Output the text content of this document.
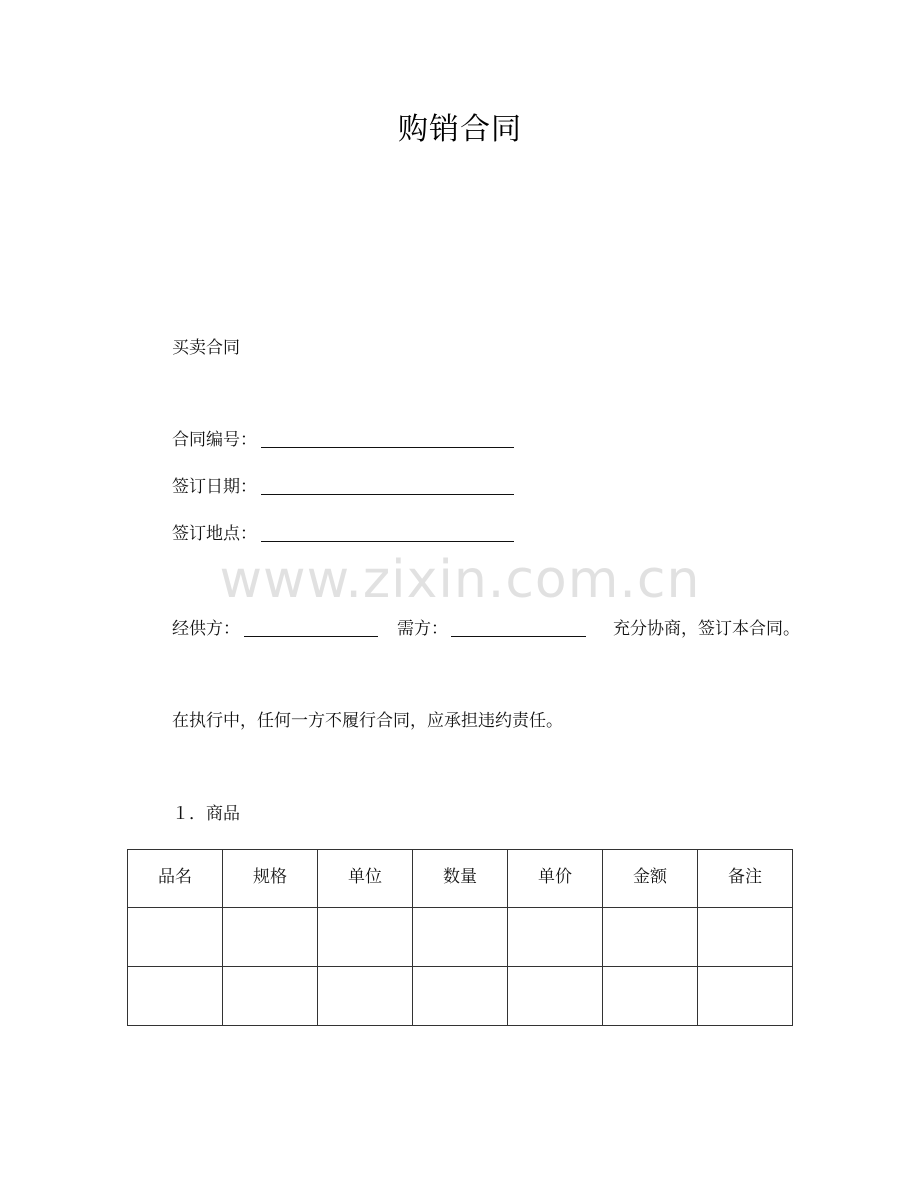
购销合同
买卖合同
合同编号：
签订日期：
签订地点：
www.zixin.com.cn
经供方：	需方：	充分协商，签订本合同。
在执行中，任何一方不履行合同，应承担违约责任。
１．商品
品名	规格	单位	数量	单价	金额	备注
